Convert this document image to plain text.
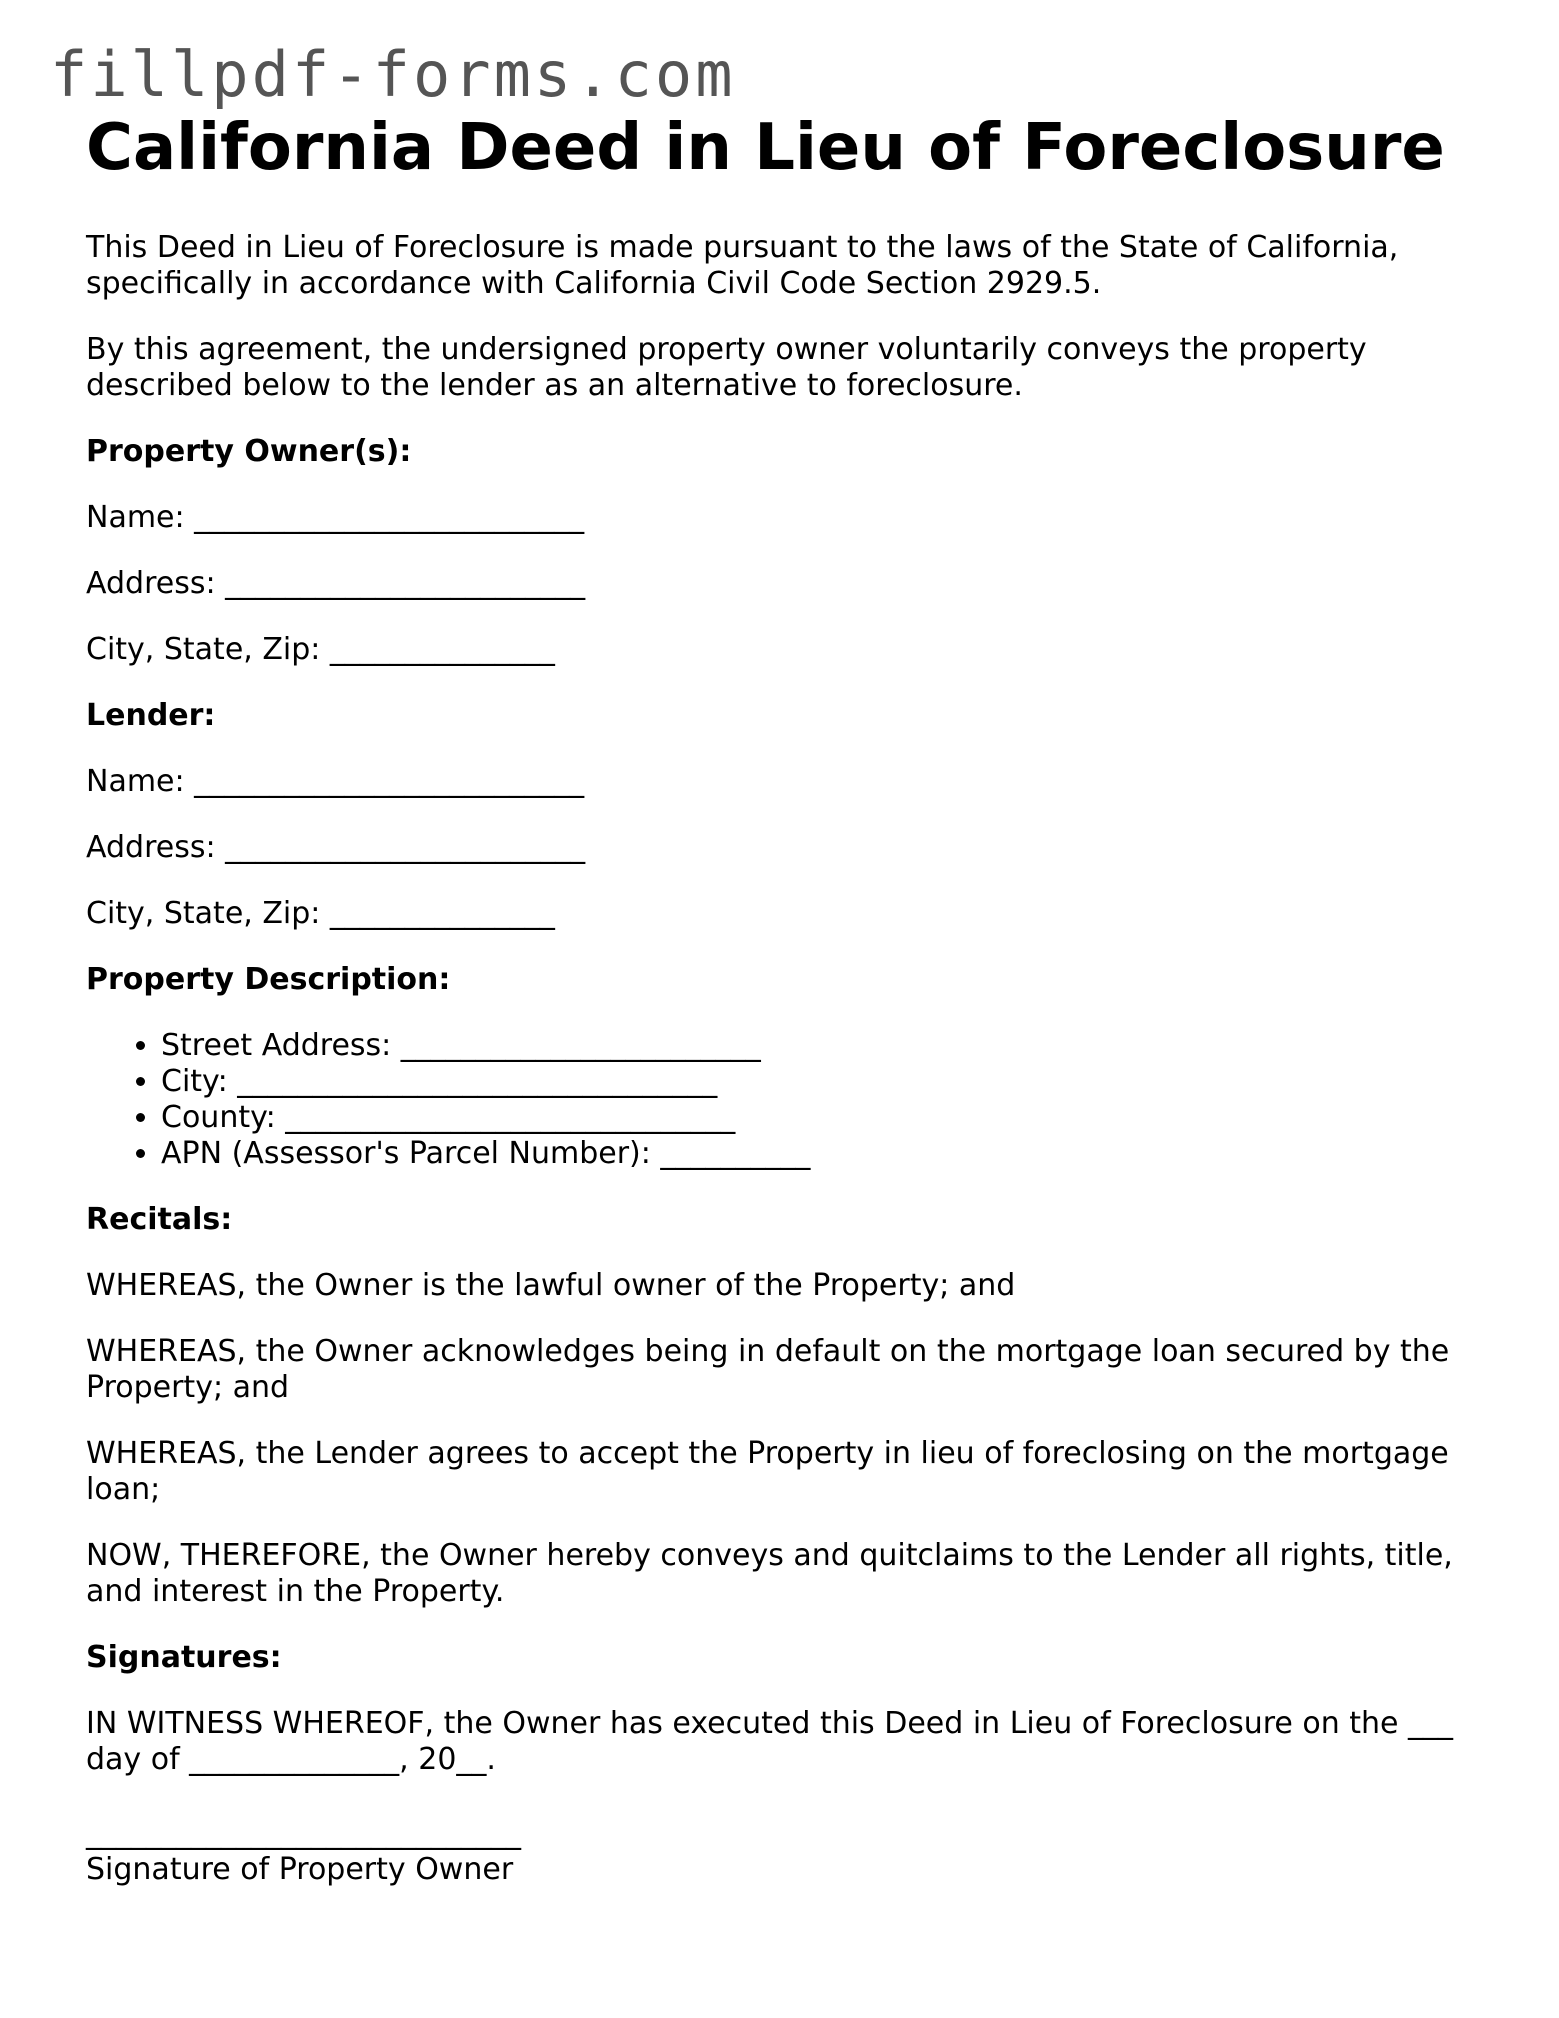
fillpdf-forms.com
California Deed in Lieu of Foreclosure

This Deed in Lieu of Foreclosure is made pursuant to the laws of the State of California, specifically in accordance with California Civil Code Section 2929.5.

By this agreement, the undersigned property owner voluntarily conveys the property described below to the lender as an alternative to foreclosure.

Property Owner(s):

Name: __________________________

Address: ________________________

City, State, Zip: _______________

Lender:

Name: __________________________

Address: ________________________

City, State, Zip: _______________

Property Description:

• Street Address: ________________________
• City: ________________________________
• County: ______________________________
• APN (Assessor's Parcel Number): __________

Recitals:

WHEREAS, the Owner is the lawful owner of the Property; and

WHEREAS, the Owner acknowledges being in default on the mortgage loan secured by the Property; and

WHEREAS, the Lender agrees to accept the Property in lieu of foreclosing on the mortgage loan;

NOW, THEREFORE, the Owner hereby conveys and quitclaims to the Lender all rights, title, and interest in the Property.

Signatures:

IN WITNESS WHEREOF, the Owner has executed this Deed in Lieu of Foreclosure on the ___ day of ______________, 20__.

_____________________________

Signature of Property Owner
